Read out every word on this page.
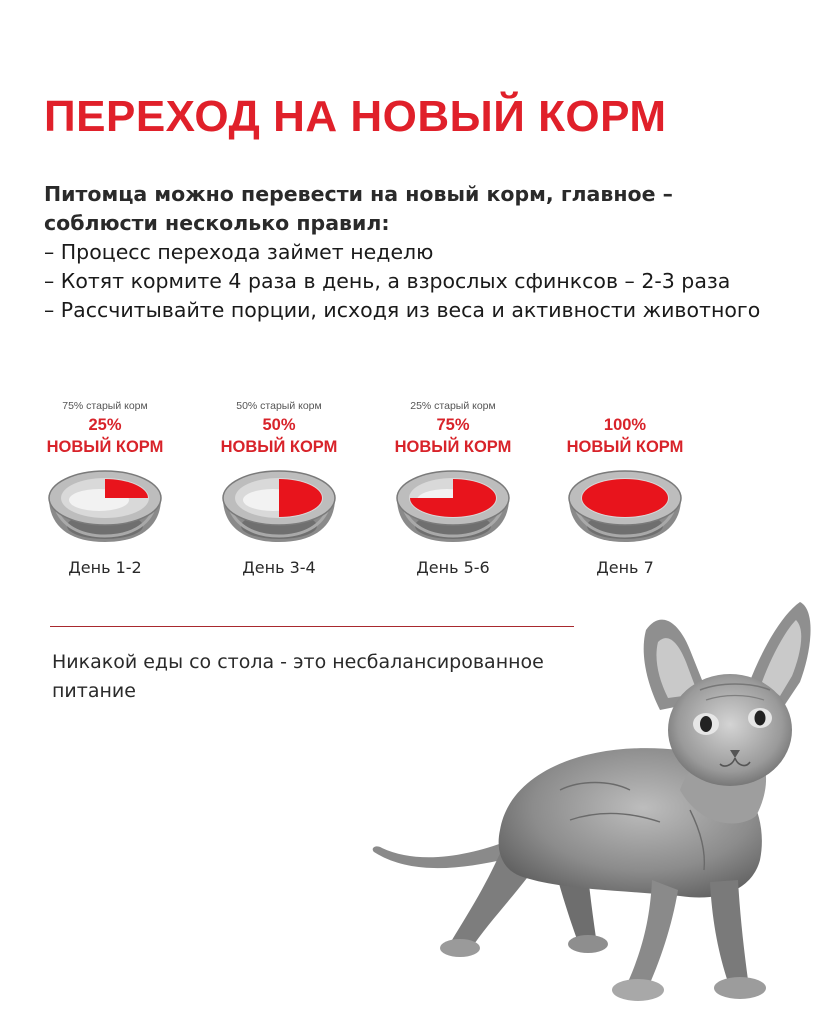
ПЕРЕХОД НА НОВЫЙ КОРМ
Питомца можно перевести на новый корм, главное – соблюсти несколько правил:
– Процесс перехода займет неделю
– Котят кормите 4 раза в день, а взрослых сфинксов – 2-3 раза
– Рассчитывайте порции, исходя из веса и активности животного
75% старый корм
25%
НОВЫЙ КОРМ
День 1-2
50% старый корм
50%
НОВЫЙ КОРМ
День 3-4
25% старый корм
75%
НОВЫЙ КОРМ
День 5-6
100%
НОВЫЙ КОРМ
День 7

Никакой еды со стола - это несбалансированное питание
